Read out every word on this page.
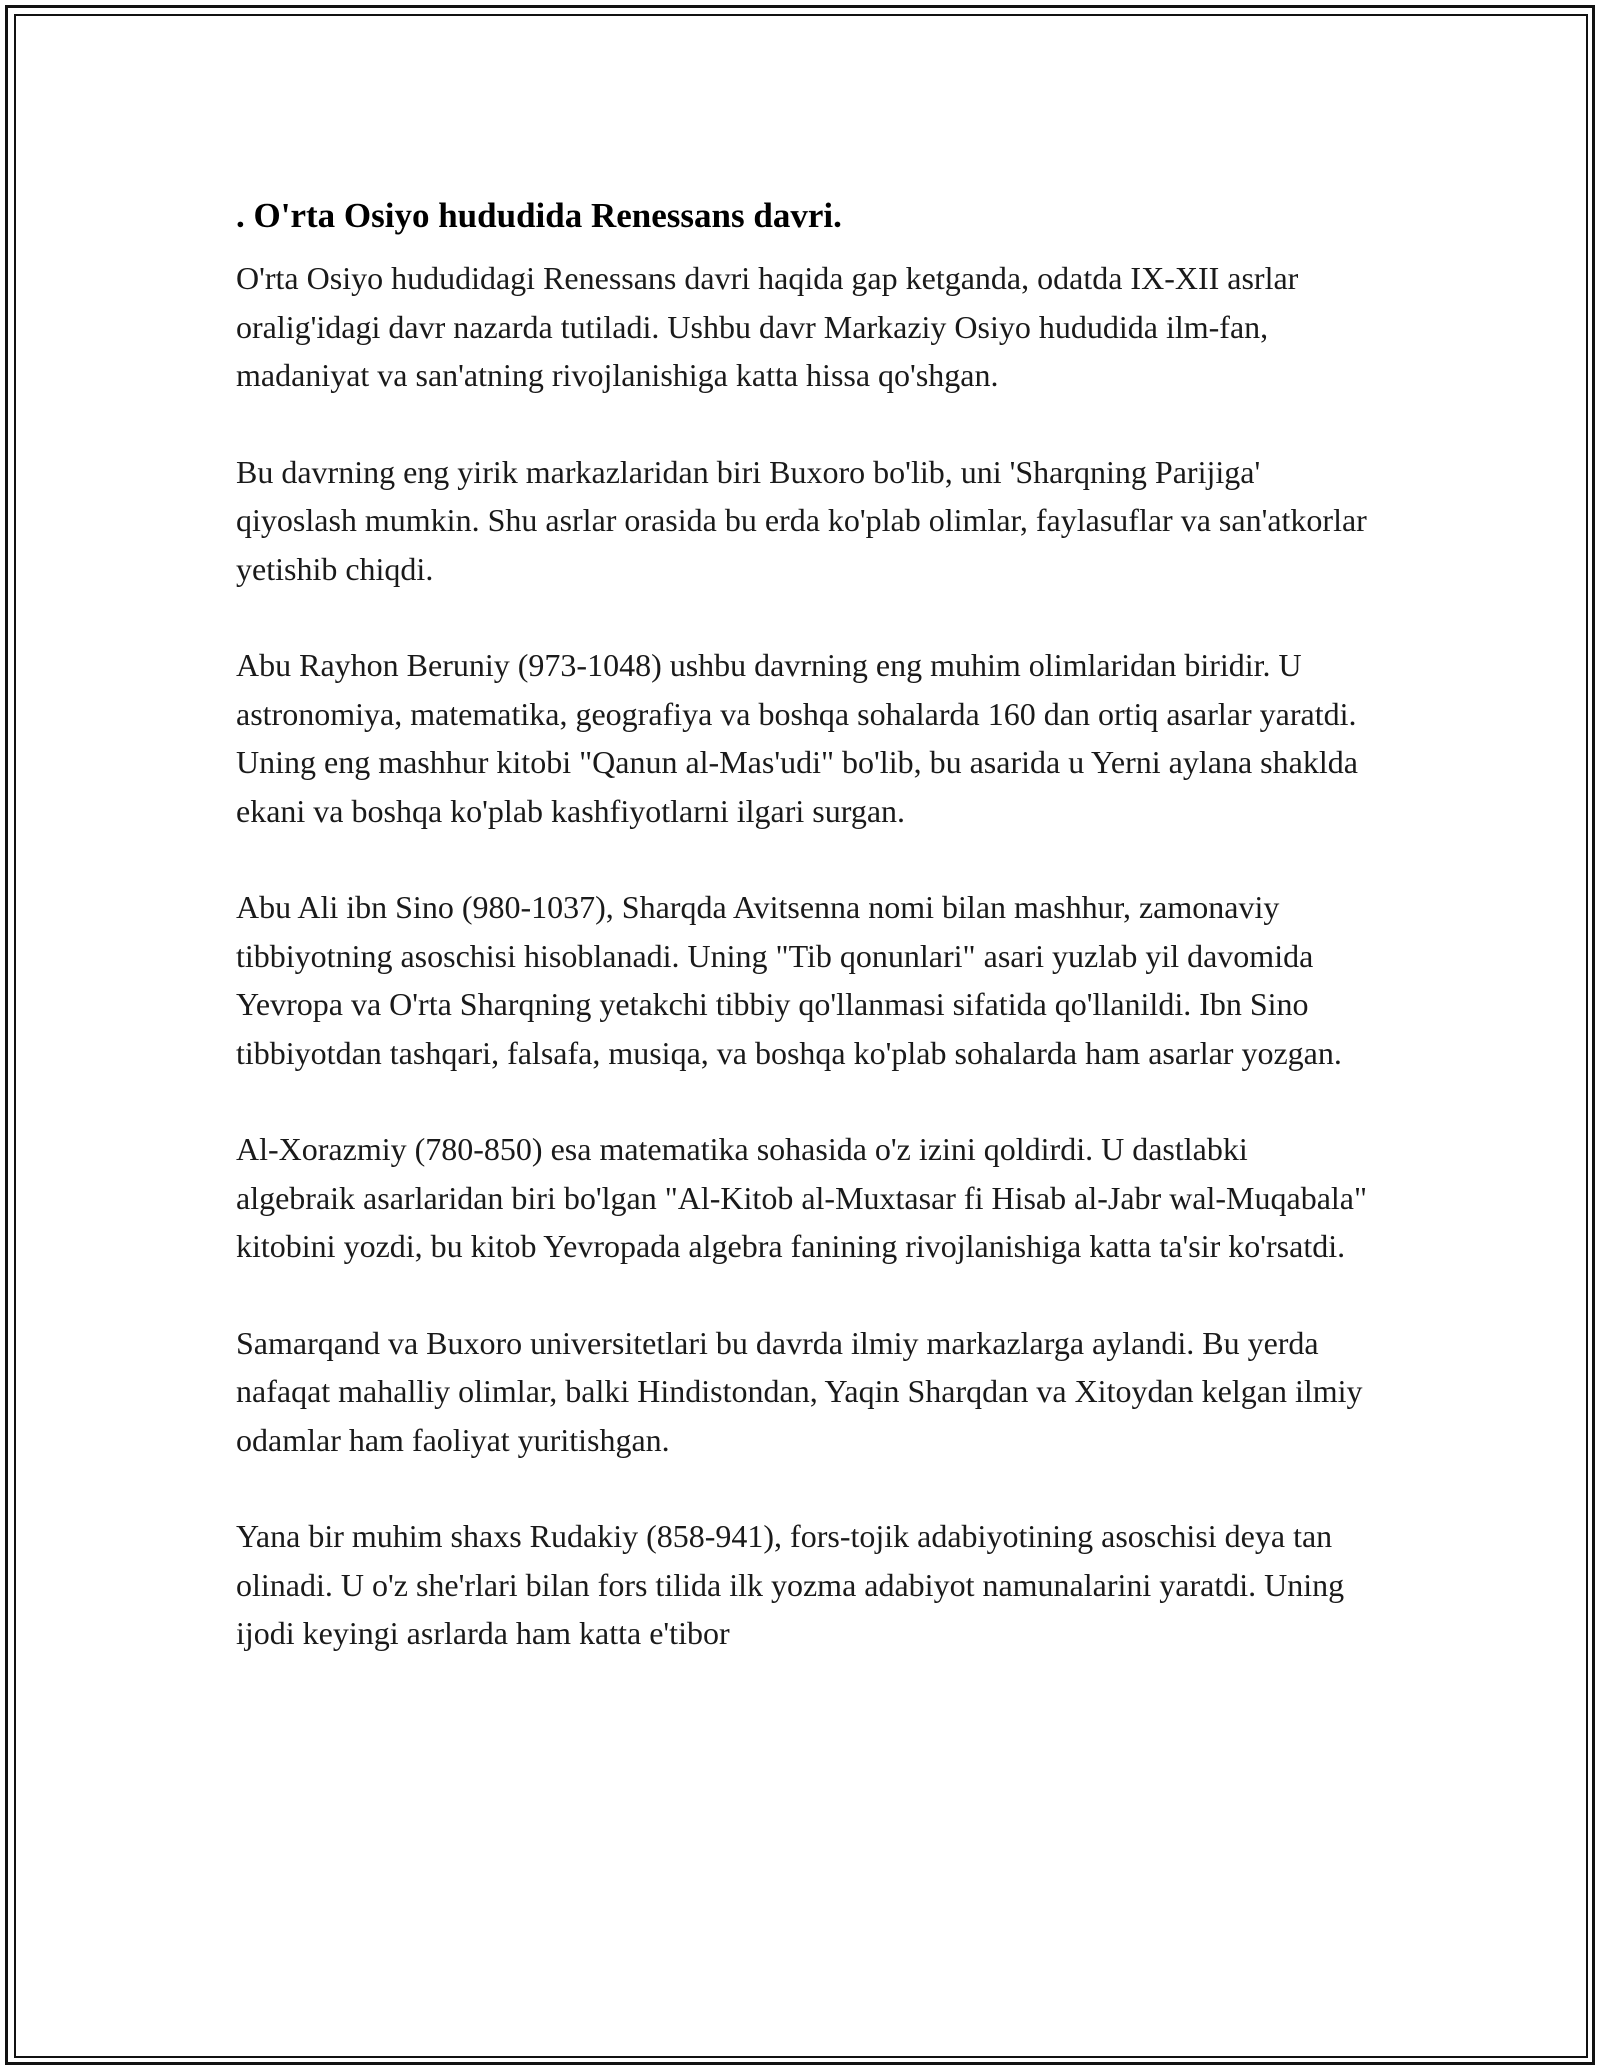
. O'rta Osiyo hududida Renessans davri.

O'rta Osiyo hududidagi Renessans davri haqida gap ketganda, odatda IX-XII asrlar oralig'idagi davr nazarda tutiladi. Ushbu davr Markaziy Osiyo hududida ilm-fan, madaniyat va san'atning rivojlanishiga katta hissa qo'shgan.

Bu davrning eng yirik markazlaridan biri Buxoro bo'lib, uni 'Sharqning Parijiga' qiyoslash mumkin. Shu asrlar orasida bu erda ko'plab olimlar, faylasuflar va san'atkorlar yetishib chiqdi.

Abu Rayhon Beruniy (973-1048) ushbu davrning eng muhim olimlaridan biridir. U astronomiya, matematika, geografiya va boshqa sohalarda 160 dan ortiq asarlar yaratdi. Uning eng mashhur kitobi "Qanun al-Mas'udi" bo'lib, bu asarida u Yerni aylana shaklda ekani va boshqa ko'plab kashfiyotlarni ilgari surgan.

Abu Ali ibn Sino (980-1037), Sharqda Avitsenna nomi bilan mashhur, zamonaviy tibbiyotning asoschisi hisoblanadi. Uning "Tib qonunlari" asari yuzlab yil davomida Yevropa va O'rta Sharqning yetakchi tibbiy qo'llanmasi sifatida qo'llanildi. Ibn Sino tibbiyotdan tashqari, falsafa, musiqa, va boshqa ko'plab sohalarda ham asarlar yozgan.

Al-Xorazmiy (780-850) esa matematika sohasida o'z izini qoldirdi. U dastlabki algebraik asarlaridan biri bo'lgan "Al-Kitob al-Muxtasar fi Hisab al-Jabr wal-Muqabala" kitobini yozdi, bu kitob Yevropada algebra fanining rivojlanishiga katta ta'sir ko'rsatdi.

Samarqand va Buxoro universitetlari bu davrda ilmiy markazlarga aylandi. Bu yerda nafaqat mahalliy olimlar, balki Hindistondan, Yaqin Sharqdan va Xitoydan kelgan ilmiy odamlar ham faoliyat yuritishgan.

Yana bir muhim shaxs Rudakiy (858-941), fors-tojik adabiyotining asoschisi deya tan olinadi. U o'z she'rlari bilan fors tilida ilk yozma adabiyot namunalarini yaratdi. Uning ijodi keyingi asrlarda ham katta e'tibor
